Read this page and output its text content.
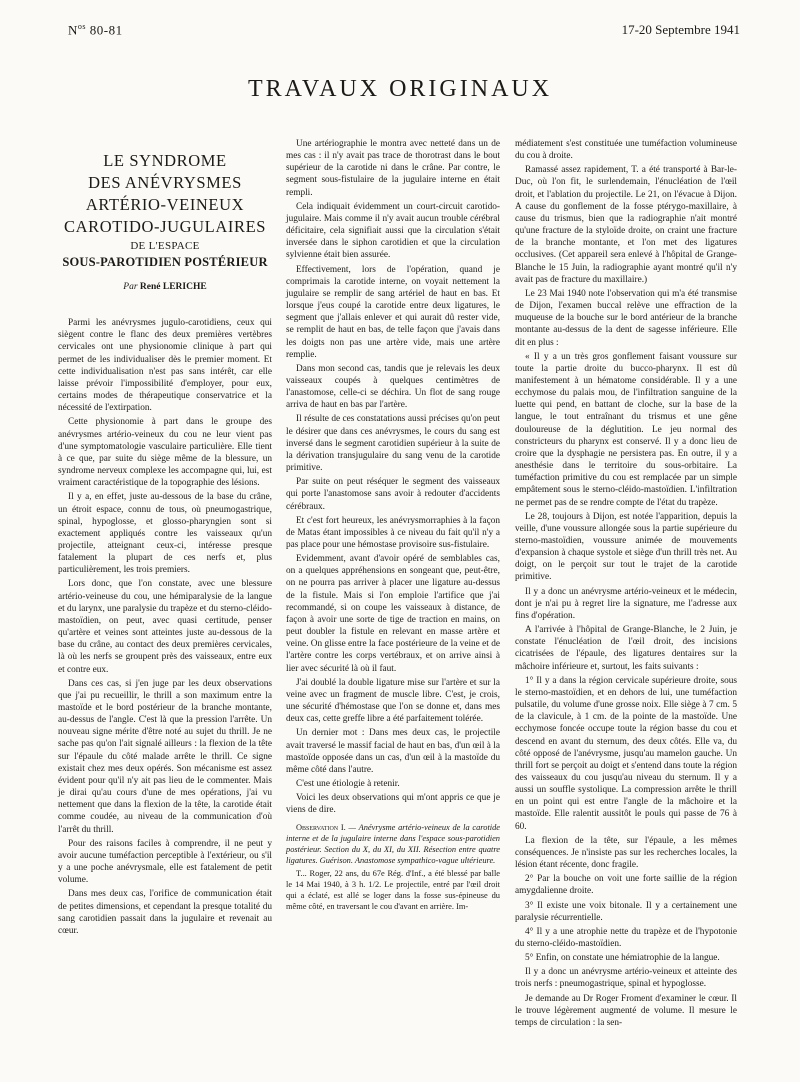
$N^{os}$ 80-81	17-20 Septembre 1941
TRAVAUX ORIGINAUX
LE SYNDROME
DES ANÉVRYSMES
ARTÉRIO-VEINEUX
CAROTIDO-JUGULAIRES
DE L'ESPACE
SOUS-PAROTIDIEN POSTÉRIEUR
Par René LERICHE

Parmi les anévrysmes jugulo-carotidiens, ceux qui siègent contre le flanc des deux premières vertèbres cervicales ont une physionomie clinique à part qui permet de les individualiser dès le premier moment. Et cette individualisation n'est pas sans intérêt, car elle laisse prévoir l'impossibilité d'employer, pour eux, certains modes de thérapeutique conservatrice et la nécessité de l'extirpation.

Cette physionomie à part dans le groupe des anévrysmes artério-veineux du cou ne leur vient pas d'une symptomatologie vasculaire particulière. Elle tient à ce que, par suite du siège même de la blessure, un syndrome nerveux complexe les accompagne qui, lui, est vraiment caractéristique de la topographie des lésions.

Il y a, en effet, juste au-dessous de la base du crâne, un étroit espace, connu de tous, où pneumogastrique, spinal, hypoglosse, et glosso-pharyngien sont si exactement appliqués contre les vaisseaux qu'un projectile, atteignant ceux-ci, intéresse presque fatalement la plupart de ces nerfs et, plus particulièrement, les trois premiers.

Lors donc, que l'on constate, avec une blessure artério-veineuse du cou, une hémiparalysie de la langue et du larynx, une paralysie du trapèze et du sterno-cléido-mastoïdien, on peut, avec quasi certitude, penser qu'artère et veines sont atteintes juste au-dessous de la base du crâne, au contact des deux premières cervicales, là où les nerfs se groupent près des vaisseaux, entre eux et contre eux.

Dans ces cas, si j'en juge par les deux observations que j'ai pu recueillir, le thrill a son maximum entre la mastoïde et le bord postérieur de la branche montante, au-dessus de l'angle. C'est là que la pression l'arrête. Un nouveau signe mérite d'être noté au sujet du thrill. Je ne sache pas qu'on l'ait signalé ailleurs : la flexion de la tête sur l'épaule du côté malade arrête le thrill. Ce signe existait chez mes deux opérés. Son mécanisme est assez évident pour qu'il n'y ait pas lieu de le commenter. Mais je dirai qu'au cours d'une de mes opérations, j'ai vu nettement que dans la flexion de la tête, la carotide était comme coudée, au niveau de la communication d'où l'arrêt du thrill.

Pour des raisons faciles à comprendre, il ne peut y avoir aucune tuméfaction perceptible à l'extérieur, ou s'il y a une poche anévrysmale, elle est fatalement de petit volume.

Dans mes deux cas, l'orifice de communication était de petites dimensions, et cependant la presque totalité du sang carotidien passait dans la jugulaire et revenait au cœur.

Une artériographie le montra avec netteté dans un de mes cas : il n'y avait pas trace de thorotrast dans le bout supérieur de la carotide ni dans le crâne. Par contre, le segment sous-fistulaire de la jugulaire interne en était rempli.

Cela indiquait évidemment un court-circuit carotido-jugulaire. Mais comme il n'y avait aucun trouble cérébral déficitaire, cela signifiait aussi que la circulation s'était inversée dans le siphon carotidien et que la circulation sylvienne était bien assurée.

Effectivement, lors de l'opération, quand je comprimais la carotide interne, on voyait nettement la jugulaire se remplir de sang artériel de haut en bas. Et lorsque j'eus coupé la carotide entre deux ligatures, le segment que j'allais enlever et qui aurait dû rester vide, se remplit de haut en bas, de telle façon que j'avais dans les doigts non pas une artère vide, mais une artère remplie.

Dans mon second cas, tandis que je relevais les deux vaisseaux coupés à quelques centimètres de l'anastomose, celle-ci se déchira. Un flot de sang rouge arriva de haut en bas par l'artère.

Il résulte de ces constatations aussi précises qu'on peut le désirer que dans ces anévrysmes, le cours du sang est inversé dans le segment carotidien supérieur à la suite de la dérivation transjugulaire du sang venu de la carotide primitive.

Par suite on peut réséquer le segment des vaisseaux qui porte l'anastomose sans avoir à redouter d'accidents cérébraux.

Et c'est fort heureux, les anévrysmorraphies à la façon de Matas étant impossibles à ce niveau du fait qu'il n'y a pas place pour une hémostase provisoire sus-fistulaire.

Evidemment, avant d'avoir opéré de semblables cas, on a quelques appréhensions en songeant que, peut-être, on ne pourra pas arriver à placer une ligature au-dessus de la fistule. Mais si l'on emploie l'artifice que j'ai recommandé, si on coupe les vaisseaux à distance, de façon à avoir une sorte de tige de traction en mains, on peut doubler la fistule en relevant en masse artère et veine. On glisse entre la face postérieure de la veine et de l'artère contre les corps vertébraux, et on arrive ainsi à lier avec sécurité là où il faut.

J'ai doublé la double ligature mise sur l'artère et sur la veine avec un fragment de muscle libre. C'est, je crois, une sécurité d'hémostase que l'on se donne et, dans mes deux cas, cette greffe libre a été parfaitement tolérée.

Un dernier mot : Dans mes deux cas, le projectile avait traversé le massif facial de haut en bas, d'un œil à la mastoïde opposée dans un cas, d'un œil à la mastoïde du même côté dans l'autre.

C'est une étiologie à retenir.

Voici les deux observations qui m'ont appris ce que je viens de dire.

Observation I. — Anévrysme artério-veineux de la carotide interne et de la jugulaire interne dans l'espace sous-parotidien postérieur. Section du X, du XI, du XII. Résection entre quatre ligatures. Guérison. Anastomose sympathico-vague ultérieure.

T... Roger, 22 ans, du 67e Rég. d'Inf., a été blessé par balle le 14 Mai 1940, à 3 h. 1/2. Le projectile, entré par l'œil droit qui a éclaté, est allé se loger dans la fosse sus-épineuse du même côté, en traversant le cou d'avant en arrière. Im-

médiatement s'est constituée une tuméfaction volumineuse du cou à droite.

Ramassé assez rapidement, T. a été transporté à Bar-le-Duc, où l'on fit, le surlendemain, l'énucléation de l'œil droit, et l'ablation du projectile. Le 21, on l'évacue à Dijon. A cause du gonflement de la fosse ptérygo-maxillaire, à cause du trismus, bien que la radiographie n'ait montré qu'une fracture de la styloïde droite, on craint une fracture de la branche montante, et l'on met des ligatures occlusives. (Cet appareil sera enlevé à l'hôpital de Grange-Blanche le 15 Juin, la radiographie ayant montré qu'il n'y avait pas de fracture du maxillaire.)

Le 23 Mai 1940 note l'observation qui m'a été transmise de Dijon, l'examen buccal relève une effraction de la muqueuse de la bouche sur le bord antérieur de la branche montante au-dessus de la dent de sagesse inférieure. Elle dit en plus :

« Il y a un très gros gonflement faisant voussure sur toute la partie droite du bucco-pharynx. Il est dû manifestement à un hématome considérable. Il y a une ecchymose du palais mou, de l'infiltration sanguine de la luette qui pend, en battant de cloche, sur la base de la langue, le tout entraînant du trismus et une gêne douloureuse de la déglutition. Le jeu normal des constricteurs du pharynx est conservé. Il y a donc lieu de croire que la dysphagie ne persistera pas. En outre, il y a anesthésie dans le territoire du sous-orbitaire. La tuméfaction primitive du cou est remplacée par un simple empâtement sous le sterno-cléido-mastoïdien. L'infiltration ne permet pas de se rendre compte de l'état du trapèze.

Le 28, toujours à Dijon, est notée l'apparition, depuis la veille, d'une voussure allongée sous la partie supérieure du sterno-mastoïdien, voussure animée de mouvements d'expansion à chaque systole et siège d'un thrill très net. Au doigt, on le perçoit sur tout le trajet de la carotide primitive.

Il y a donc un anévrysme artério-veineux et le médecin, dont je n'ai pu à regret lire la signature, me l'adresse aux fins d'opération.

A l'arrivée à l'hôpital de Grange-Blanche, le 2 Juin, je constate l'énucléation de l'œil droit, des incisions cicatrisées de l'épaule, des ligatures dentaires sur la mâchoire inférieure et, surtout, les faits suivants :

1° Il y a dans la région cervicale supérieure droite, sous le sterno-mastoïdien, et en dehors de lui, une tuméfaction pulsatile, du volume d'une grosse noix. Elle siège à 7 cm. 5 de la clavicule, à 1 cm. de la pointe de la mastoïde. Une ecchymose foncée occupe toute la région basse du cou et descend en avant du sternum, des deux côtés. Elle va, du côté opposé de l'anévrysme, jusqu'au mamelon gauche. Un thrill fort se perçoit au doigt et s'entend dans toute la région des vaisseaux du cou jusqu'au niveau du sternum. Il y a aussi un souffle systolique. La compression arrête le thrill en un point qui est entre l'angle de la mâchoire et la mastoïde. Elle ralentit aussitôt le pouls qui passe de 76 à 60.

La flexion de la tête, sur l'épaule, a les mêmes conséquences. Je n'insiste pas sur les recherches locales, la lésion étant récente, donc fragile.

2° Par la bouche on voit une forte saillie de la région amygdalienne droite.

3° Il existe une voix bitonale. Il y a certainement une paralysie récurrentielle.

4° Il y a une atrophie nette du trapèze et de l'hypotonie du sterno-cléido-mastoïdien.

5° Enfin, on constate une hémiatrophie de la langue.

Il y a donc un anévrysme artério-veineux et atteinte des trois nerfs : pneumogastrique, spinal et hypoglosse.

Je demande au Dr Roger Froment d'examiner le cœur. Il le trouve légèrement augmenté de volume. Il mesure le temps de circulation : la sen-
